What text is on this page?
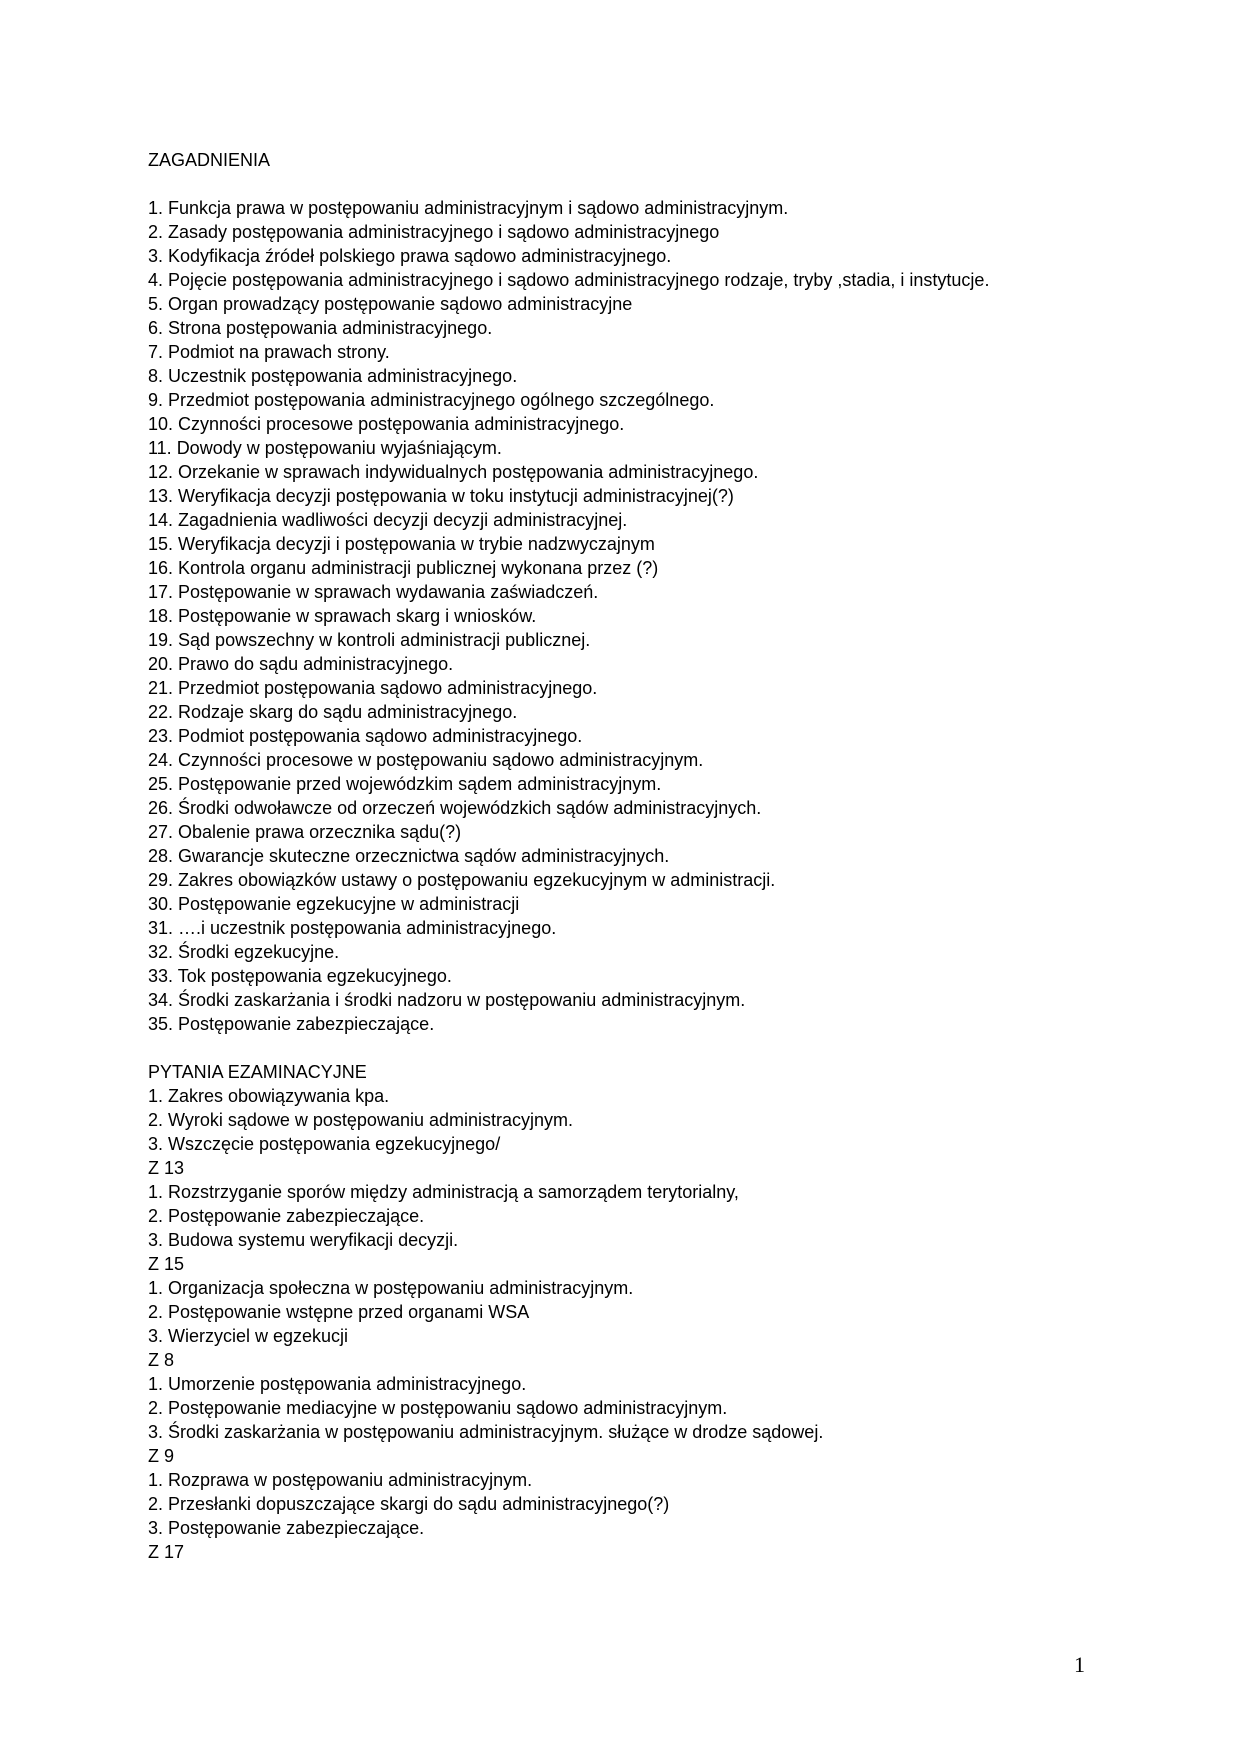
ZAGADNIENIA
1. Funkcja prawa w postępowaniu administracyjnym i sądowo administracyjnym.
2. Zasady postępowania administracyjnego i sądowo administracyjnego
3. Kodyfikacja źródeł polskiego prawa sądowo administracyjnego.
4. Pojęcie postępowania administracyjnego i sądowo administracyjnego rodzaje, tryby ,stadia, i instytucje.
5. Organ prowadzący postępowanie sądowo administracyjne
6. Strona postępowania administracyjnego.
7. Podmiot na prawach strony.
8. Uczestnik postępowania administracyjnego.
9. Przedmiot postępowania administracyjnego ogólnego szczególnego.
10. Czynności procesowe postępowania administracyjnego.
11. Dowody w postępowaniu wyjaśniającym.
12. Orzekanie w sprawach indywidualnych postępowania administracyjnego.
13. Weryfikacja decyzji postępowania w toku instytucji administracyjnej(?)
14. Zagadnienia wadliwości decyzji decyzji administracyjnej.
15. Weryfikacja decyzji i postępowania w trybie nadzwyczajnym
16. Kontrola organu administracji publicznej wykonana przez (?)
17. Postępowanie w sprawach wydawania zaświadczeń.
18. Postępowanie w sprawach skarg i wniosków.
19. Sąd powszechny w kontroli administracji publicznej.
20. Prawo do sądu administracyjnego.
21. Przedmiot postępowania sądowo administracyjnego.
22. Rodzaje skarg do sądu administracyjnego.
23. Podmiot postępowania sądowo administracyjnego.
24. Czynności procesowe w postępowaniu sądowo administracyjnym.
25. Postępowanie przed wojewódzkim sądem administracyjnym.
26. Środki odwoławcze od orzeczeń wojewódzkich sądów administracyjnych.
27. Obalenie prawa orzecznika sądu(?)
28. Gwarancje skuteczne orzecznictwa sądów administracyjnych.
29. Zakres obowiązków ustawy o postępowaniu egzekucyjnym w administracji.
30. Postępowanie egzekucyjne w administracji
31. ….i uczestnik postępowania administracyjnego.
32. Środki egzekucyjne.
33. Tok postępowania egzekucyjnego.
34. Środki zaskarżania i środki nadzoru w postępowaniu administracyjnym.
35. Postępowanie zabezpieczające.
PYTANIA EZAMINACYJNE
1. Zakres obowiązywania kpa.
2. Wyroki sądowe w postępowaniu administracyjnym.
3. Wszczęcie postępowania egzekucyjnego/
Z 13
1. Rozstrzyganie sporów między administracją a samorządem terytorialny,
2. Postępowanie zabezpieczające.
3. Budowa systemu weryfikacji decyzji.
Z 15
1. Organizacja społeczna w postępowaniu administracyjnym.
2. Postępowanie wstępne przed organami WSA
3. Wierzyciel w egzekucji
Z 8
1. Umorzenie postępowania administracyjnego.
2. Postępowanie mediacyjne w postępowaniu sądowo administracyjnym.
3. Środki zaskarżania w postępowaniu administracyjnym. służące w drodze sądowej.
Z 9
1. Rozprawa w postępowaniu administracyjnym.
2. Przesłanki dopuszczające skargi do sądu administracyjnego(?)
3. Postępowanie zabezpieczające.
Z 17
1
